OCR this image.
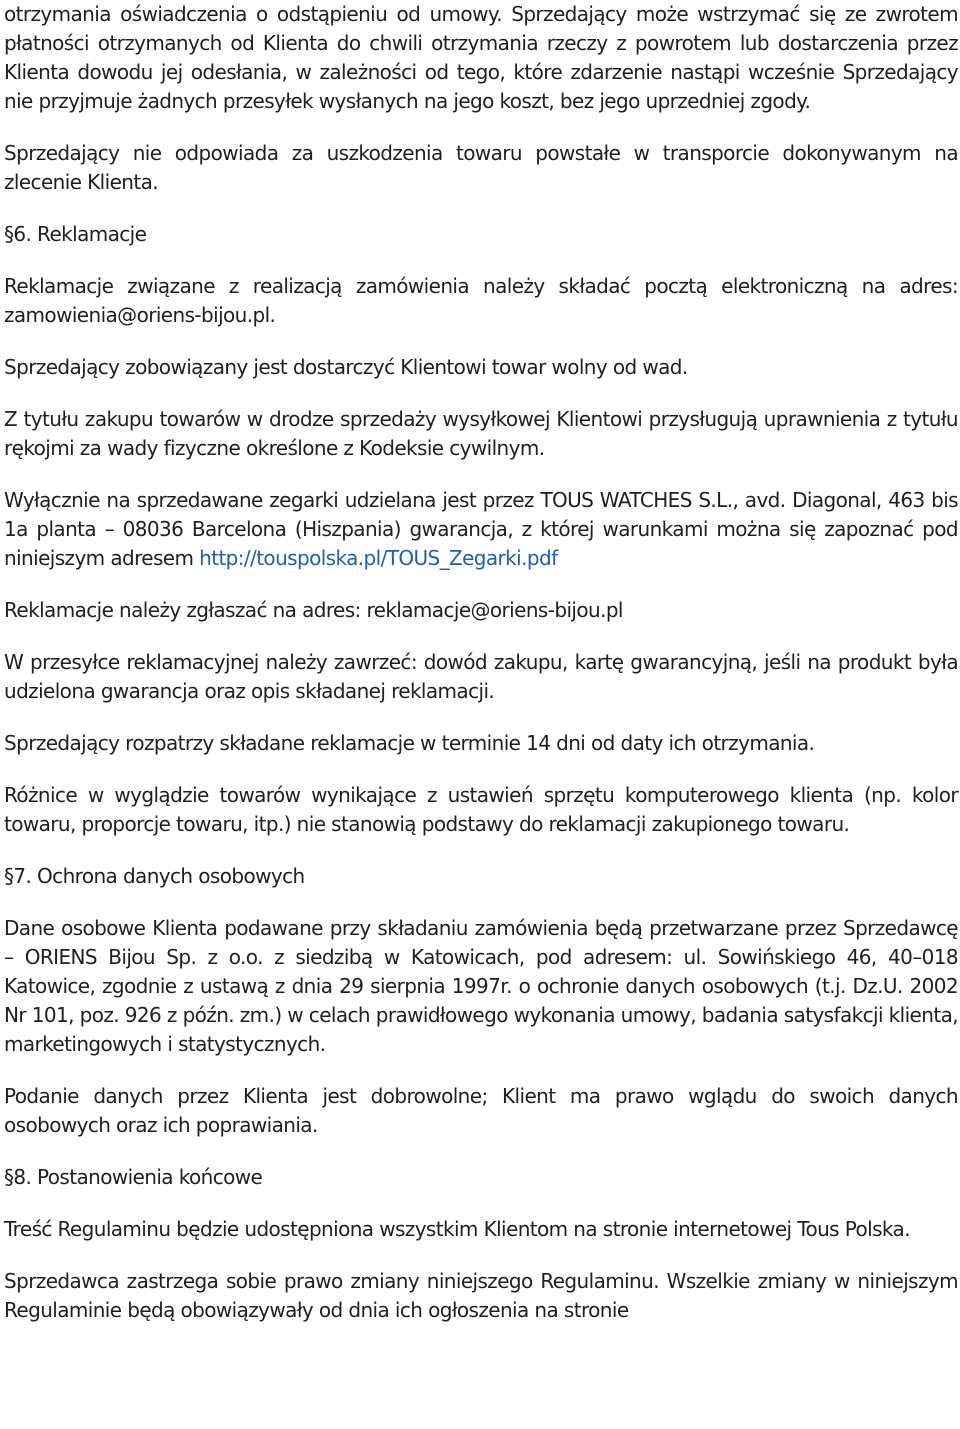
otrzymania oświadczenia o odstąpieniu od umowy. Sprzedający może wstrzymać się ze zwrotem płatności otrzymanych od Klienta do chwili otrzymania rzeczy z powrotem lub dostarczenia przez Klienta dowodu jej odesłania, w zależności od tego, które zdarzenie nastąpi wcześnie Sprzedający nie przyjmuje żadnych przesyłek wysłanych na jego koszt, bez jego uprzedniej zgody.

Sprzedający nie odpowiada za uszkodzenia towaru powstałe w transporcie dokonywanym na zlecenie Klienta.

§6. Reklamacje

Reklamacje związane z realizacją zamówienia należy składać pocztą elektroniczną na adres: zamowienia@oriens-bijou.pl.

Sprzedający zobowiązany jest dostarczyć Klientowi towar wolny od wad.

Z tytułu zakupu towarów w drodze sprzedaży wysyłkowej Klientowi przysługują uprawnienia z tytułu rękojmi za wady fizyczne określone z Kodeksie cywilnym.

Wyłącznie na sprzedawane zegarki udzielana jest przez TOUS WATCHES S.L., avd. Diagonal, 463 bis 1a planta – 08036 Barcelona (Hiszpania) gwarancja, z której warunkami można się zapoznać pod niniejszym adresem http://touspolska.pl/TOUS_Zegarki.pdf

Reklamacje należy zgłaszać na adres: reklamacje@oriens-bijou.pl

W przesyłce reklamacyjnej należy zawrzeć: dowód zakupu, kartę gwarancyjną, jeśli na produkt była udzielona gwarancja oraz opis składanej reklamacji.

Sprzedający rozpatrzy składane reklamacje w terminie 14 dni od daty ich otrzymania.

Różnice w wyglądzie towarów wynikające z ustawień sprzętu komputerowego klienta (np. kolor towaru, proporcje towaru, itp.) nie stanowią podstawy do reklamacji zakupionego towaru.

§7. Ochrona danych osobowych

Dane osobowe Klienta podawane przy składaniu zamówienia będą przetwarzane przez Sprzedawcę – ORIENS Bijou Sp. z o.o. z siedzibą w Katowicach, pod adresem: ul. Sowińskiego 46, 40–018 Katowice, zgodnie z ustawą z dnia 29 sierpnia 1997r. o ochronie danych osobowych (t.j. Dz.U. 2002 Nr 101, poz. 926 z późn. zm.) w celach prawidłowego wykonania umowy, badania satysfakcji klienta, marketingowych i statystycznych.

Podanie danych przez Klienta jest dobrowolne; Klient ma prawo wglądu do swoich danych osobowych oraz ich poprawiania.

§8. Postanowienia końcowe

Treść Regulaminu będzie udostępniona wszystkim Klientom na stronie internetowej Tous Polska.

Sprzedawca zastrzega sobie prawo zmiany niniejszego Regulaminu. Wszelkie zmiany w niniejszym Regulaminie będą obowiązywały od dnia ich ogłoszenia na stronie
